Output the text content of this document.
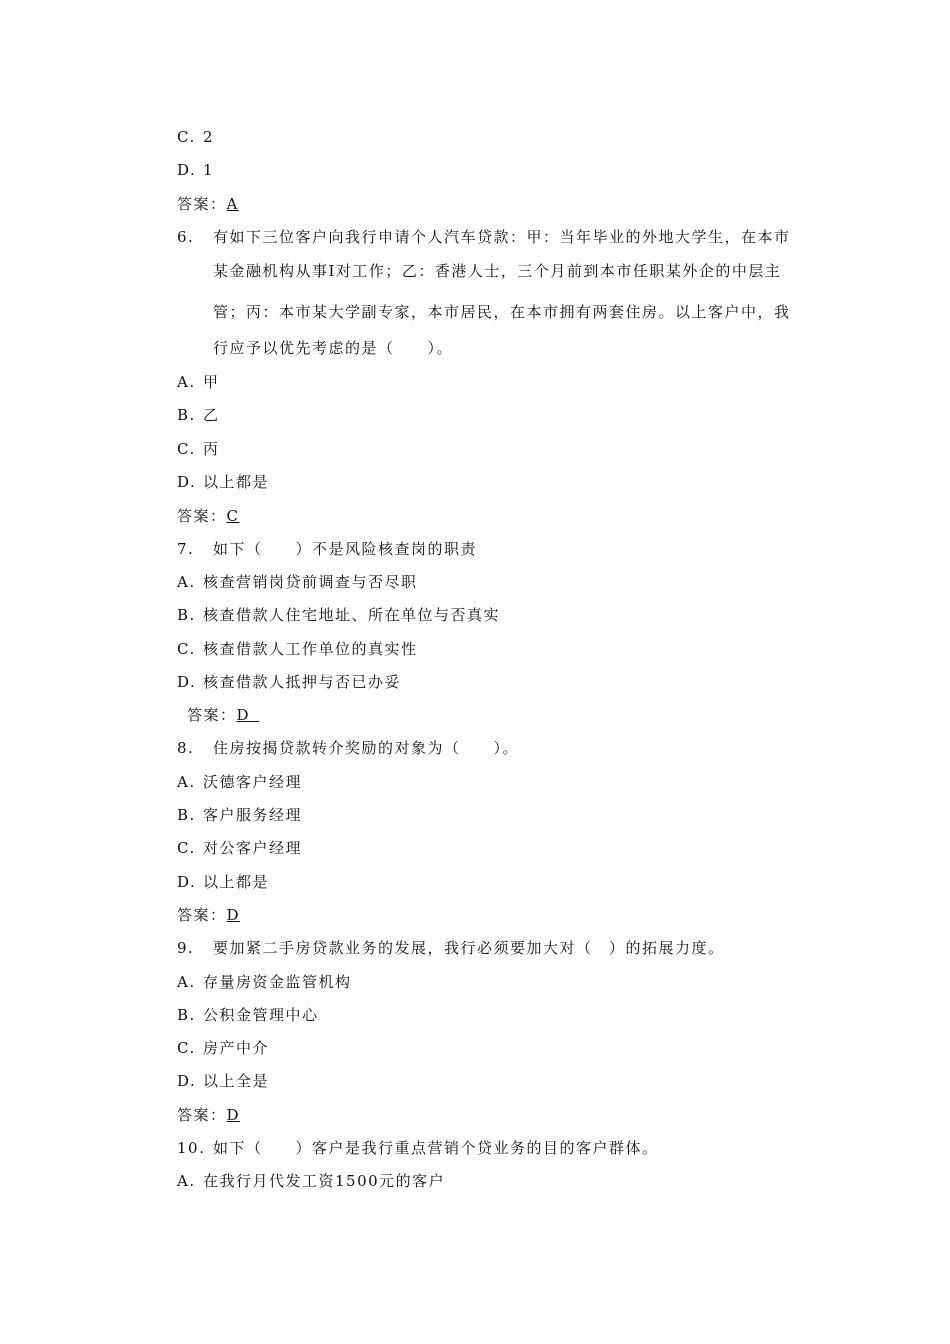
C. 2
D. 1
答案：A
6. 有如下三位客户向我行申请个人汽车贷款：甲：当年毕业的外地大学生，在本市
某金融机构从事Ⅰ对工作；乙：香港人士，三个月前到本市任职某外企的中层主
管；丙：本市某大学副专家，本市居民，在本市拥有两套住房。以上客户中，我
行应予以优先考虑的是（　　）。
A. 甲
B. 乙
C. 丙
D. 以上都是
答案：C
7. 如下（　　）不是风险核查岗的职责
A. 核查营销岗贷前调查与否尽职
B. 核查借款人住宅地址、所在单位与否真实
C. 核查借款人工作单位的真实性
D. 核查借款人抵押与否已办妥
答案：D 
8. 住房按揭贷款转介奖励的对象为（　　）。
A. 沃德客户经理
B. 客户服务经理
C. 对公客户经理
D. 以上都是
答案：D
9. 要加紧二手房贷款业务的发展，我行必须要加大对（　）的拓展力度。
A. 存量房资金监管机构
B. 公积金管理中心
C. 房产中介
D. 以上全是
答案：D
10. 如下（　　）客户是我行重点营销个贷业务的目的客户群体。
A. 在我行月代发工资1500元的客户
